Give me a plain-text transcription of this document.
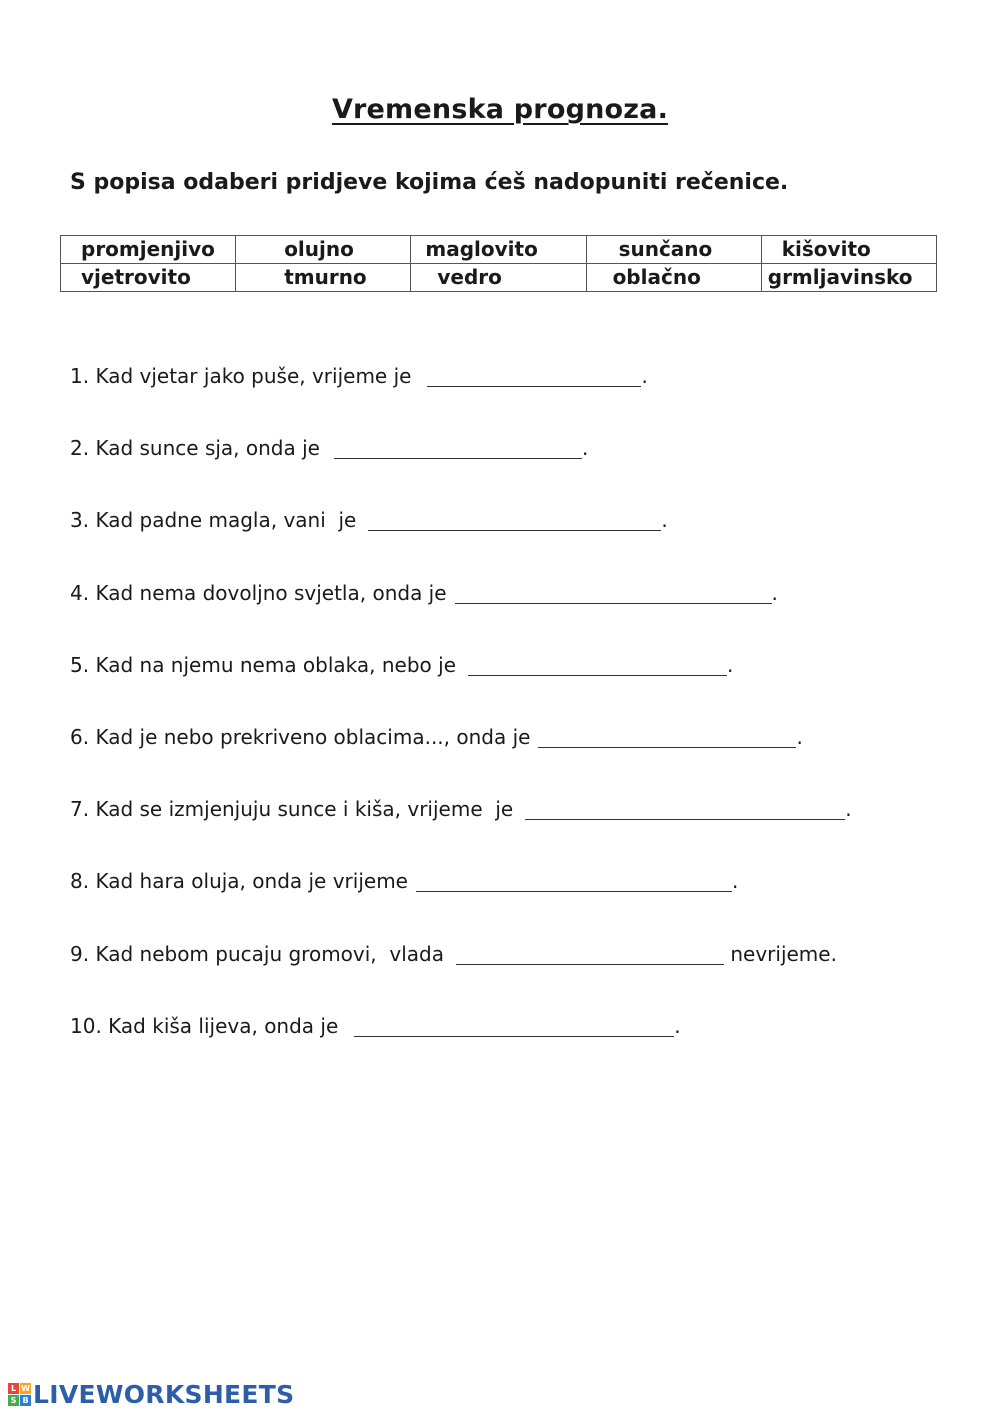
Vremenska prognoza.

S popisa odaberi pridjeve kojima ćeš nadopuniti rečenice.

promjenjivo	olujno	maglovito	sunčano	kišovito
vjetrovito	tmurno	vedro	oblačno	grmljavinsko
1. Kad vjetar jako puše, vrijeme je	.
2. Kad sunce sja, onda je	.
3. Kad padne magla, vani  je	.
4. Kad nema dovoljno svjetla, onda je	.
5. Kad na njemu nema oblaka, nebo je	.
6. Kad je nebo prekriveno oblacima..., onda je	.
7. Kad se izmjenjuju sunce i kiša, vrijeme  je	.
8. Kad hara oluja, onda je vrijeme	.
9. Kad nebom pucaju gromovi,  vlada	nevrijeme.
10. Kad kiša lijeva, onda je	.
L W
S B LIVEWORKSHEETS
